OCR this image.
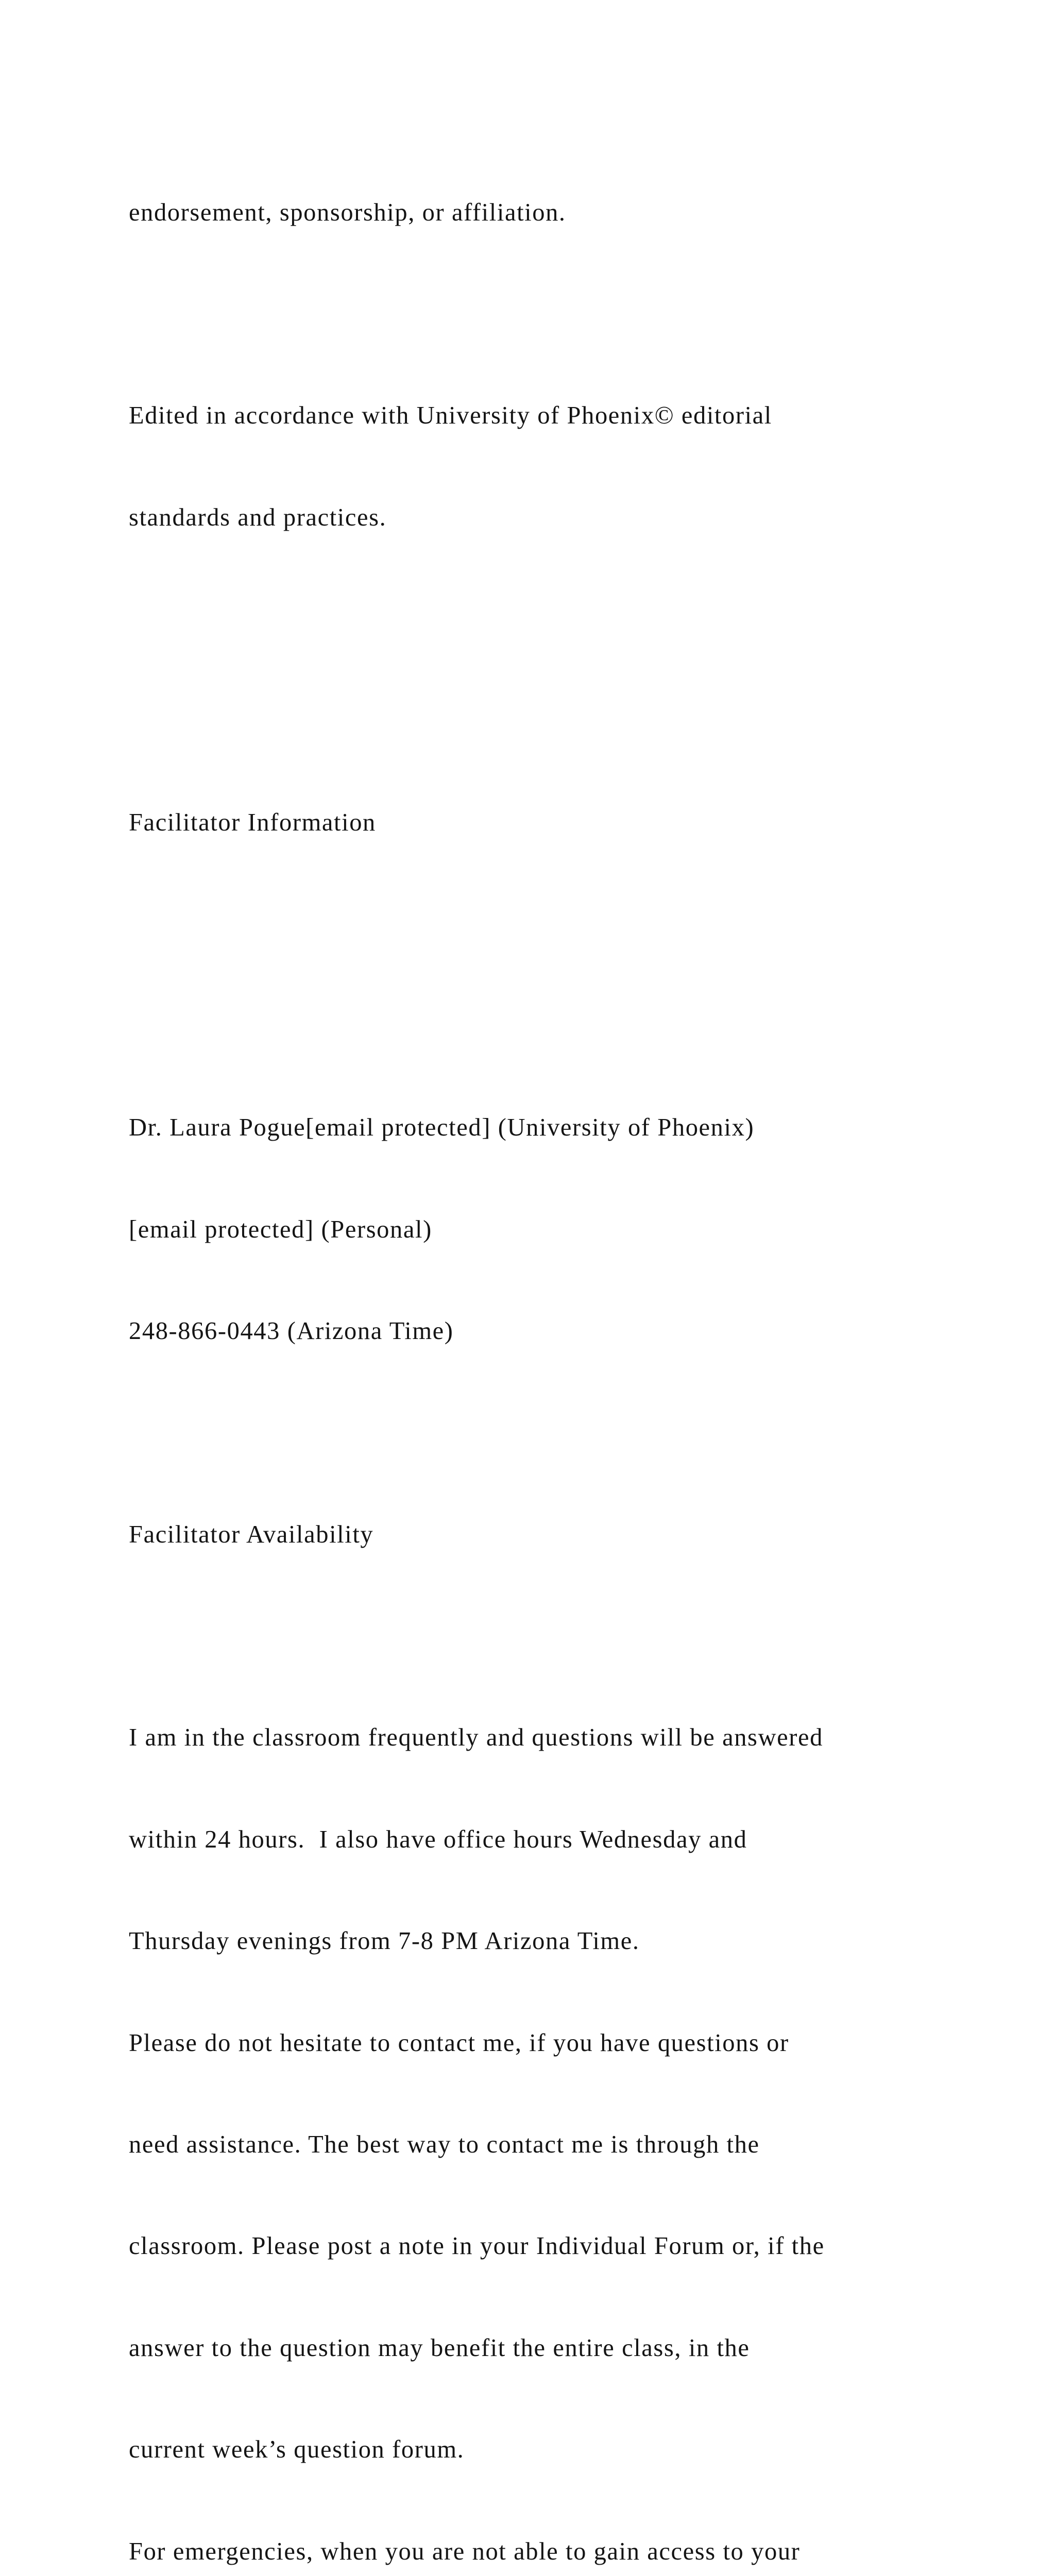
endorsement, sponsorship, or affiliation.

Edited in accordance with University of Phoenix© editorial

standards and practices.

Facilitator Information

Dr. Laura Pogue[email protected] (University of Phoenix)

[email protected] (Personal)

248-866-0443 (Arizona Time)

Facilitator Availability

I am in the classroom frequently and questions will be answered

within 24 hours.  I also have office hours Wednesday and

Thursday evenings from 7-8 PM Arizona Time.

Please do not hesitate to contact me, if you have questions or

need assistance. The best way to contact me is through the

classroom. Please post a note in your Individual Forum or, if the

answer to the question may benefit the entire class, in the

current week’s question forum.

For emergencies, when you are not able to gain access to your
